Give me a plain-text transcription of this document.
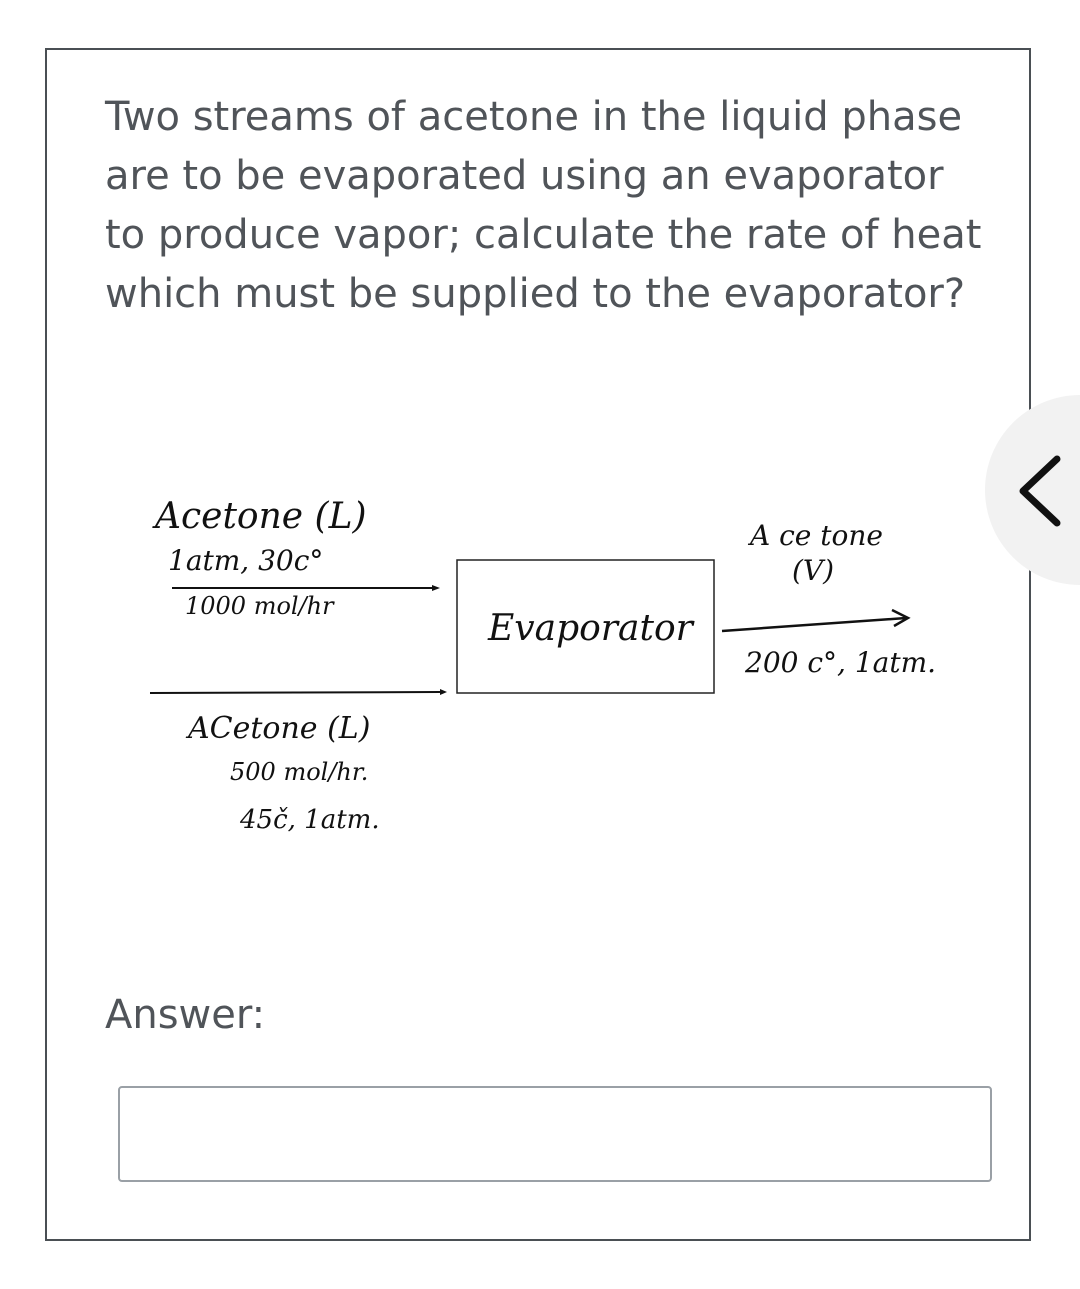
Two streams of acetone in the liquid phase are to be evaporated using an evaporator to produce vapor; calculate the rate of heat which must be supplied to the evaporator?

Acetone (L)
1atm, 30c°
1000 mol/hr
ACetone (L)
500 mol/hr.
45č, 1atm.
Evaporator
A ce tone
(V)
200 c°, 1atm.

Answer:
